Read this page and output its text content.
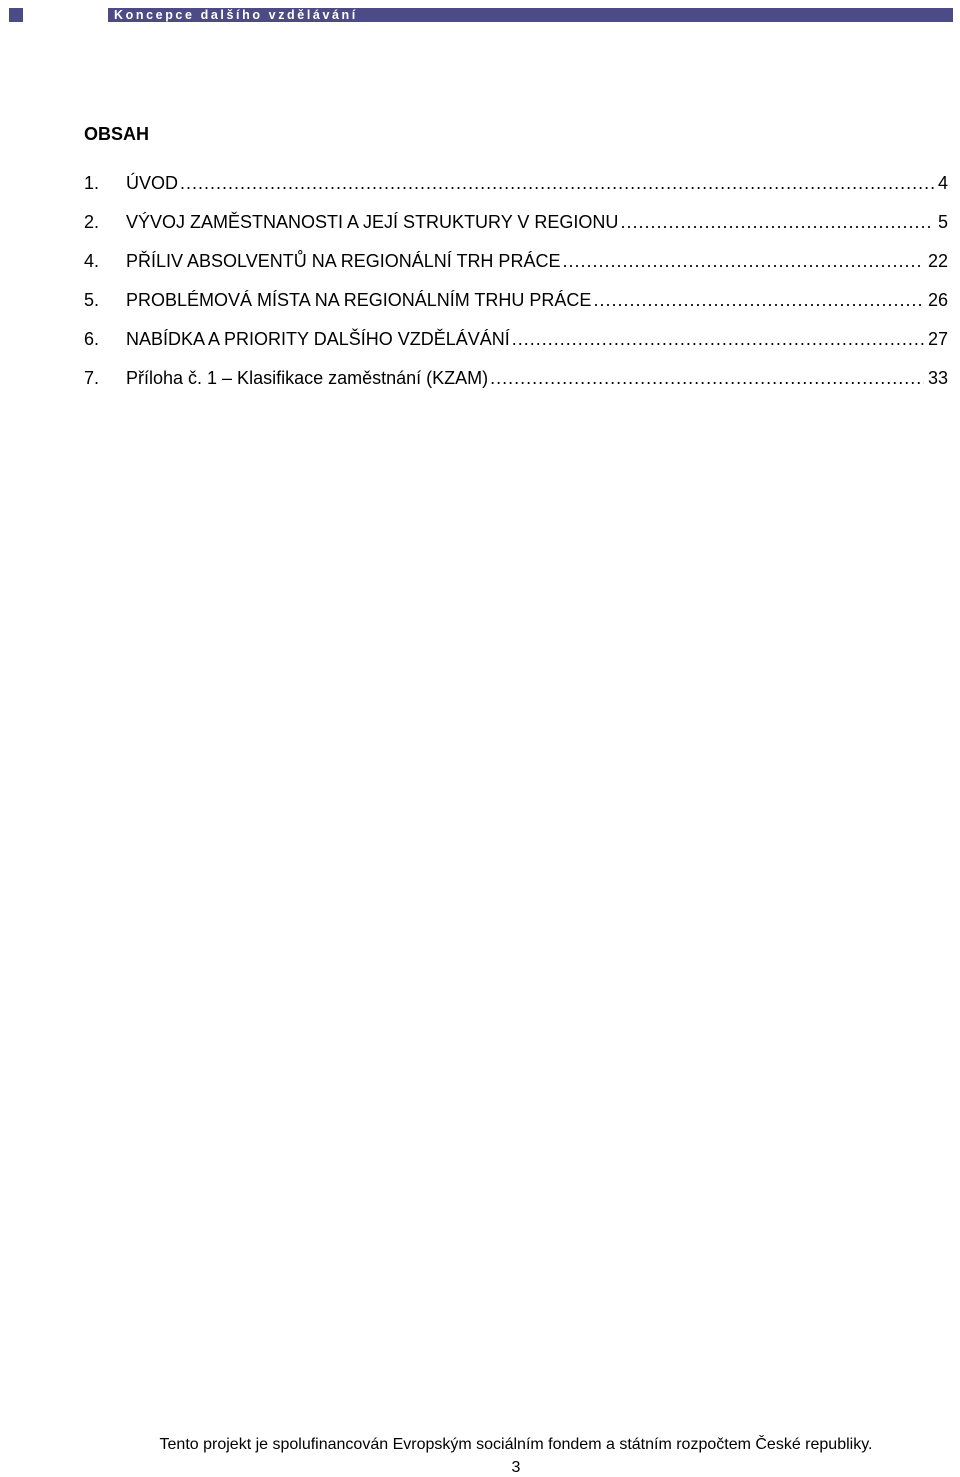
Koncepce dalšího vzdělávání
OBSAH
1.	ÚVOD .....	4
2.	VÝVOJ ZAMĚSTNANOSTI A JEJÍ STRUKTURY V REGIONU .....	5
4.	PŘÍLIV ABSOLVENTŮ NA REGIONÁLNÍ TRH PRÁCE .....	22
5.	PROBLÉMOVÁ MÍSTA NA REGIONÁLNÍM TRHU PRÁCE .....	26
6.	NABÍDKA A PRIORITY DALŠÍHO VZDĚLÁVÁNÍ .....	27
7.	Příloha č. 1 – Klasifikace zaměstnání (KZAM) .....	33
Tento projekt je spolufinancován Evropským sociálním fondem a státním rozpočtem České republiky.
3
